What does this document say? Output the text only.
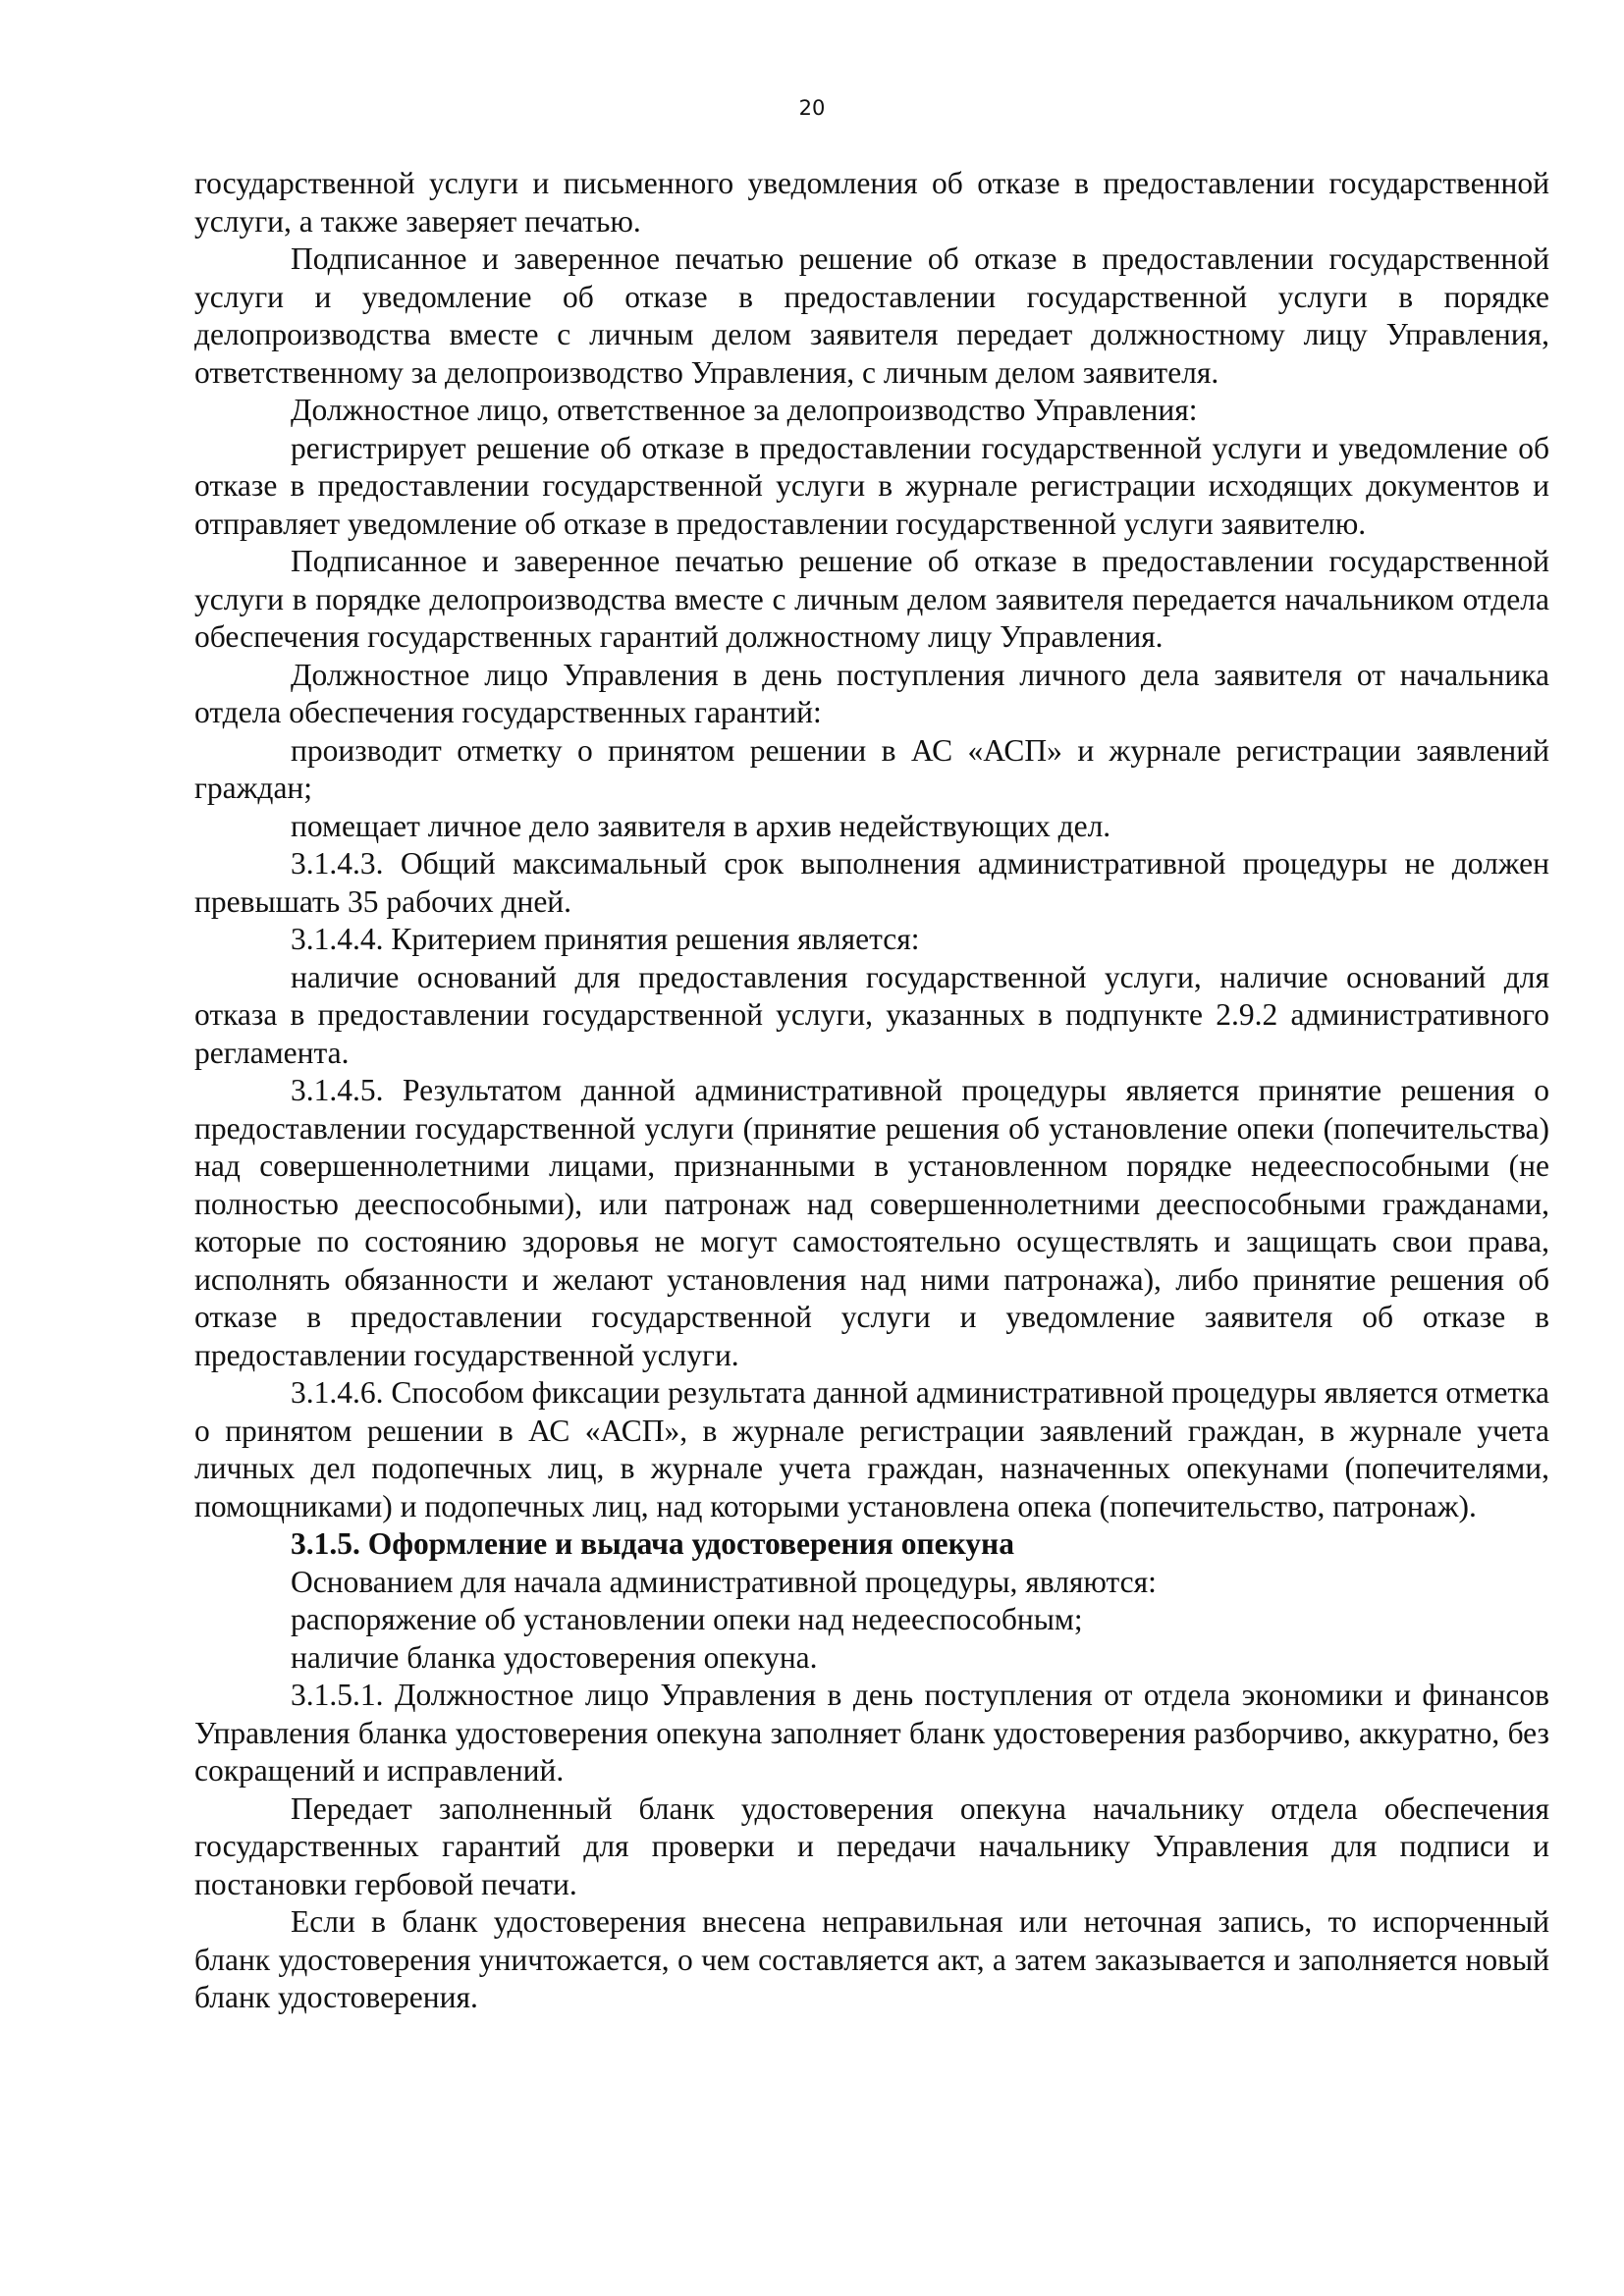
20

государственной услуги и письменного уведомления об отказе в предоставлении государственной услуги, а также заверяет печатью.

Подписанное и заверенное печатью решение об отказе в предоставлении государственной услуги и уведомление об отказе в предоставлении государственной услуги в порядке делопроизводства вместе с личным делом заявителя передает должностному лицу Управления, ответственному за делопроизводство Управления, с личным делом заявителя.

Должностное лицо, ответственное за делопроизводство Управления:

регистрирует решение об отказе в предоставлении государственной услуги и уведомление об отказе в предоставлении государственной услуги в журнале регистрации исходящих документов и отправляет уведомление об отказе в предоставлении государственной услуги заявителю.

Подписанное и заверенное печатью решение об отказе в предоставлении государственной услуги в порядке делопроизводства вместе с личным делом заявителя передается начальником отдела обеспечения государственных гарантий должностному лицу Управления.

Должностное лицо Управления в день поступления личного дела заявителя от начальника отдела обеспечения государственных гарантий:

производит отметку о принятом решении в АС «АСП» и журнале регистрации заявлений граждан;

помещает личное дело заявителя в архив недействующих дел.

3.1.4.3. Общий максимальный срок выполнения административной процедуры не должен превышать 35 рабочих дней.

3.1.4.4. Критерием принятия решения является:

наличие оснований для предоставления государственной услуги, наличие оснований для отказа в предоставлении государственной услуги, указанных в подпункте 2.9.2 административного регламента.

3.1.4.5. Результатом данной административной процедуры является принятие решения о предоставлении государственной услуги (принятие решения об установление опеки (попечительства) над совершеннолетними лицами, признанными в установленном порядке недееспособными (не полностью дееспособными), или патронаж над совершеннолетними дееспособными гражданами, которые по состоянию здоровья не могут самостоятельно осуществлять и защищать свои права, исполнять обязанности и желают установления над ними патронажа), либо принятие решения об отказе в предоставлении государственной услуги и уведомление заявителя об отказе в предоставлении государственной услуги.

3.1.4.6. Способом фиксации результата данной административной процедуры является отметка о принятом решении в АС «АСП», в журнале регистрации заявлений граждан, в журнале учета личных дел подопечных лиц, в журнале учета граждан, назначенных опекунами (попечителями, помощниками) и подопечных лиц, над которыми установлена опека (попечительство, патронаж).

3.1.5. Оформление и выдача удостоверения опекуна

Основанием для начала административной процедуры, являются:

распоряжение об установлении опеки над недееспособным;

наличие бланка удостоверения опекуна.

3.1.5.1. Должностное лицо Управления в день поступления от отдела экономики и финансов Управления бланка удостоверения опекуна заполняет бланк удостоверения разборчиво, аккуратно, без сокращений и исправлений.

Передает заполненный бланк удостоверения опекуна начальнику отдела обеспечения государственных гарантий для проверки и передачи начальнику Управления для подписи и постановки гербовой печати.

Если в бланк удостоверения внесена неправильная или неточная запись, то испорченный бланк удостоверения уничтожается, о чем составляется акт, а затем заказывается и заполняется новый бланк удостоверения.
